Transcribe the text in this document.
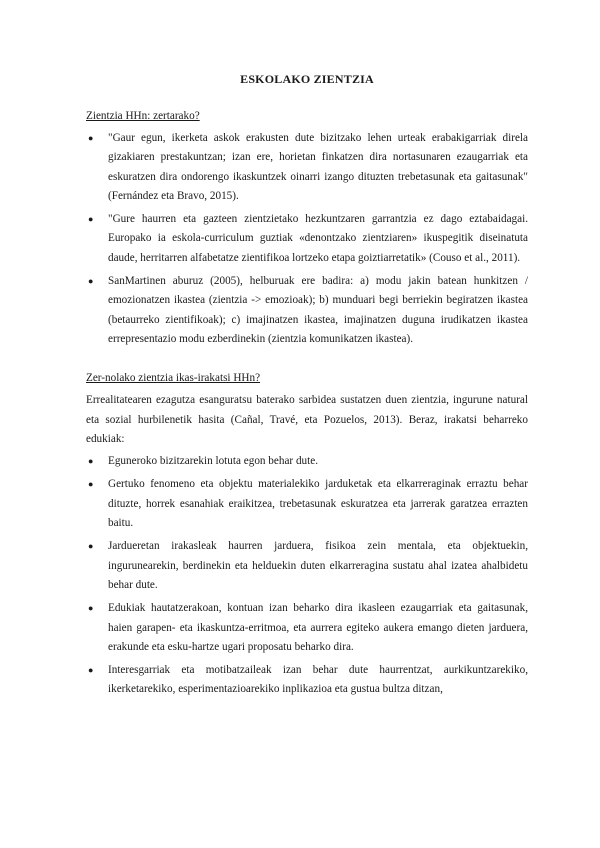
ESKOLAKO ZIENTZIA
Zientzia HHn: zertarako?
● "Gaur egun, ikerketa askok erakusten dute bizitzako lehen urteak erabakigarriak direla gizakiaren prestakuntzan; izan ere, horietan finkatzen dira nortasunaren ezaugarriak eta eskuratzen dira ondorengo ikaskuntzek oinarri izango dituzten trebetasunak eta gaitasunak" (Fernández eta Bravo, 2015).
● "Gure haurren eta gazteen zientzietako hezkuntzaren garrantzia ez dago eztabaidagai. Europako ia eskola-curriculum guztiak «denontzako zientziaren» ikuspegitik diseinatuta daude, herritarren alfabetatze zientifikoa lortzeko etapa goiztiarretatik» (Couso et al., 2011).
● SanMartinen aburuz (2005), helburuak ere badira: a) modu jakin batean hunkitzen / emozionatzen ikastea (zientzia -> emozioak); b) munduari begi berriekin begiratzen ikastea (betaurreko zientifikoak); c) imajinatzen ikastea, imajinatzen duguna irudikatzen ikastea errepresentazio modu ezberdinekin (zientzia komunikatzen ikastea).
Zer-nolako zientzia ikas-irakatsi HHn?

Errealitatearen ezagutza esanguratsu baterako sarbidea sustatzen duen zientzia, ingurune natural eta sozial hurbilenetik hasita (Cañal, Travé, eta Pozuelos, 2013). Beraz, irakatsi beharreko edukiak:

● Eguneroko bizitzarekin lotuta egon behar dute.
● Gertuko fenomeno eta objektu materialekiko jarduketak eta elkarreraginak erraztu behar dituzte, horrek esanahiak eraikitzea, trebetasunak eskuratzea eta jarrerak garatzea errazten baitu.
● Jardueretan irakasleak haurren jarduera, fisikoa zein mentala, eta objektuekin, ingurunearekin, berdinekin eta helduekin duten elkarreragina sustatu ahal izatea ahalbidetu behar dute.
● Edukiak hautatzerakoan, kontuan izan beharko dira ikasleen ezaugarriak eta gaitasunak, haien garapen- eta ikaskuntza-erritmoa, eta aurrera egiteko aukera emango dieten jarduera, erakunde eta esku-hartze ugari proposatu beharko dira.
● Interesgarriak eta motibatzaileak izan behar dute haurrentzat, aurkikuntzarekiko, ikerketarekiko, esperimentazioarekiko inplikazioa eta gustua bultza ditzan,
